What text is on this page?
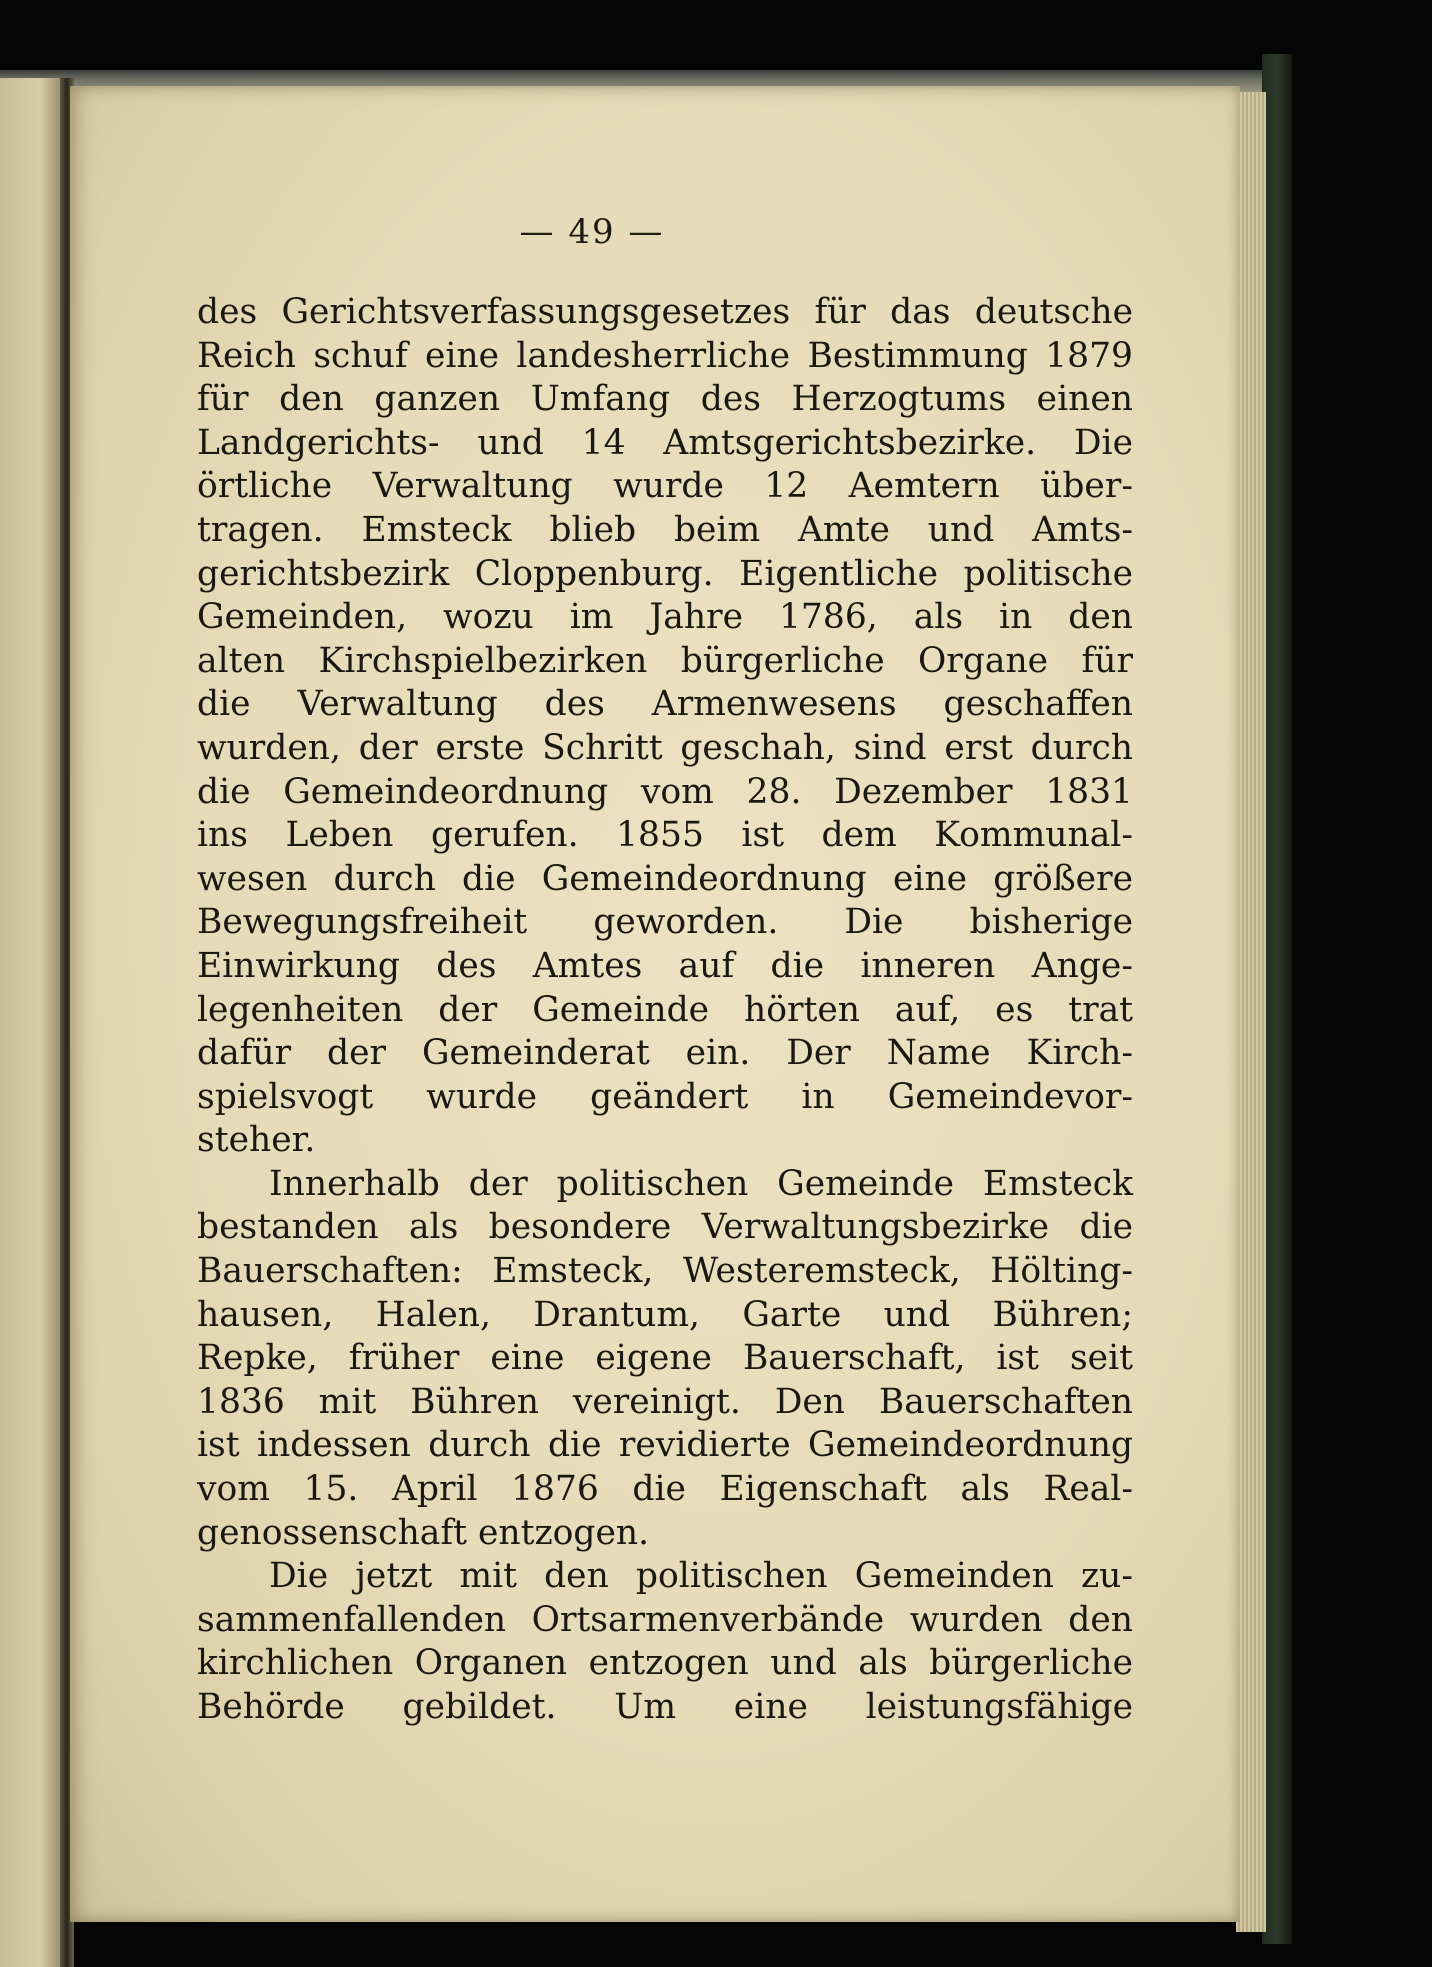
— 49 —

des Gerichtsverfassungsgesetzes für das deutsche
Reich schuf eine landesherrliche Bestimmung 1879
für den ganzen Umfang des Herzogtums einen
Landgerichts- und 14 Amtsgerichtsbezirke. Die
örtliche Verwaltung wurde 12 Aemtern über-
tragen. Emsteck blieb beim Amte und Amts-
gerichtsbezirk Cloppenburg. Eigentliche politische
Gemeinden, wozu im Jahre 1786, als in den
alten Kirchspielbezirken bürgerliche Organe für
die Verwaltung des Armenwesens geschaffen
wurden, der erste Schritt geschah, sind erst durch
die Gemeindeordnung vom 28. Dezember 1831
ins Leben gerufen. 1855 ist dem Kommunal-
wesen durch die Gemeindeordnung eine größere
Bewegungsfreiheit geworden. Die bisherige
Einwirkung des Amtes auf die inneren Ange-
legenheiten der Gemeinde hörten auf, es trat
dafür der Gemeinderat ein. Der Name Kirch-
spielsvogt wurde geändert in Gemeindevor-
steher.
Innerhalb der politischen Gemeinde Emsteck
bestanden als besondere Verwaltungsbezirke die
Bauerschaften: Emsteck, Westeremsteck, Hölting-
hausen, Halen, Drantum, Garte und Bühren;
Repke, früher eine eigene Bauerschaft, ist seit
1836 mit Bühren vereinigt. Den Bauerschaften
ist indessen durch die revidierte Gemeindeordnung
vom 15. April 1876 die Eigenschaft als Real-
genossenschaft entzogen.
Die jetzt mit den politischen Gemeinden zu-
sammenfallenden Ortsarmenverbände wurden den
kirchlichen Organen entzogen und als bürgerliche
Behörde gebildet. Um eine leistungsfähige
